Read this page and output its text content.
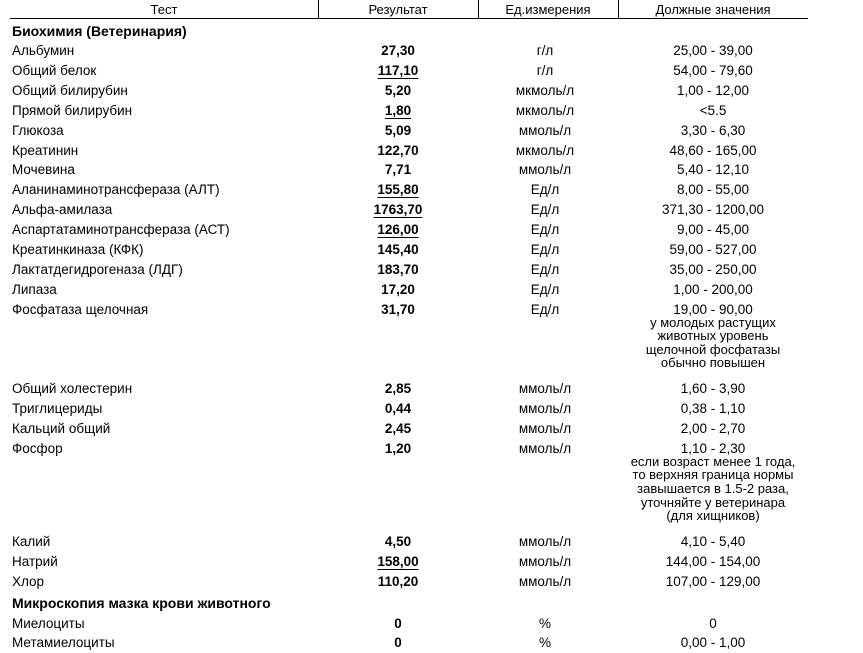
Тест	Результат	Ед.измерения	Должные значения
Биохимия (Ветеринария)
Альбумин	27,30	г/л	25,00 - 39,00
Общий белок	117,10	г/л	54,00 - 79,60
Общий билирубин	5,20	мкмоль/л	1,00 - 12,00
Прямой билирубин	1,80	мкмоль/л	<5.5
Глюкоза	5,09	ммоль/л	3,30 - 6,30
Креатинин	122,70	мкмоль/л	48,60 - 165,00
Мочевина	7,71	ммоль/л	5,40 - 12,10
Аланинаминотрансфераза (АЛТ)	155,80	Ед/л	8,00 - 55,00
Альфа-амилаза	1763,70	Ед/л	371,30 - 1200,00
Аспартатаминотрансфераза (АСТ)	126,00	Ед/л	9,00 - 45,00
Креатинкиназа (КФК)	145,40	Ед/л	59,00 - 527,00
Лактатдегидрогеназа (ЛДГ)	183,70	Ед/л	35,00 - 250,00
Липаза	17,20	Ед/л	1,00 - 200,00
Фосфатаза щелочная	31,70	Ед/л	19,00 - 90,00
у молодых растущих
животных уровень
щелочной фосфатазы
обычно повышен
Общий холестерин	2,85	ммоль/л	1,60 - 3,90
Триглицериды	0,44	ммоль/л	0,38 - 1,10
Кальций общий	2,45	ммоль/л	2,00 - 2,70
Фосфор	1,20	ммоль/л	1,10 - 2,30
если возраст менее 1 года,
то верхняя граница нормы
завышается в 1.5-2 раза,
уточняйте у ветеринара
(для хищников)
Калий	4,50	ммоль/л	4,10 - 5,40
Натрий	158,00	ммоль/л	144,00 - 154,00
Хлор	110,20	ммоль/л	107,00 - 129,00
Микроскопия мазка крови животного
Миелоциты	0	%	0
Метамиелоциты	0	%	0,00 - 1,00
